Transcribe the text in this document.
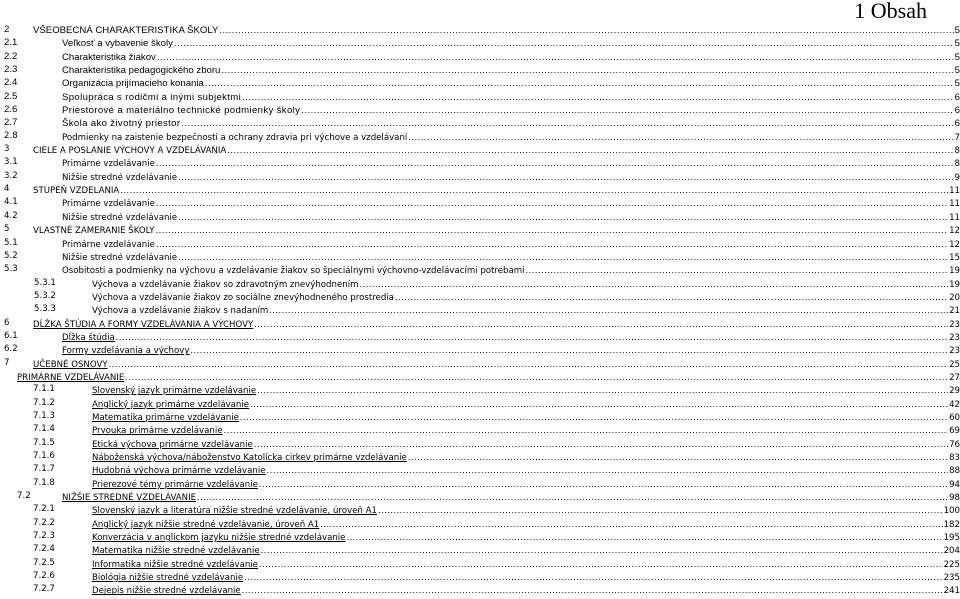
1 Obsah
2 VŠEOBECNÁ CHARAKTERISTIKA ŠKOLY .....	5
2.1	Veľkosť a vybavenie školy .....	5
2.2	Charakteristika žiakov .....	5
2.3	Charakteristika pedagogického zboru .....	5
2.4	Organizácia prijímacieho konania .....	5
2.5	Spolupráca s rodičmi a inými subjektmi .....	6
2.6	Priestorové a materiálno technické podmienky školy .....	6
2.7	Škola ako životný priestor .....	6
2.8	Podmienky na zaistenie bezpečnosti a ochrany zdravia pri výchove a vzdelávaní .....	7
3	CIELE A POSLANIE VÝCHOVY A VZDELÁVANIA .....	8
3.1	Primárne vzdelávanie .....	8
3.2	Nižšie stredné vzdelávanie .....	9
4	STUPEŇ VZDELANIA .....	11
4.1	Primárne vzdelávanie .....	11
4.2	Nižšie stredné vzdelávanie .....	11
5	VLASTNÉ ZAMERANIE ŠKOLY .....	12
5.1	Primárne vzdelávanie .....	12
5.2	Nižšie stredné vzdelávanie .....	15
5.3	Osobitosti a podmienky na výchovu a vzdelávanie žiakov so špeciálnymi výchovno-vzdelávacími potrebami .....	19
5.3.1	Výchova a vzdelávanie žiakov so zdravotným znevýhodnením .....	19
5.3.2	Výchova a vzdelávanie žiakov zo sociálne znevýhodneného prostredia .....	20
5.3.3	Výchova a vzdelávanie žiakov s nadaním .....	21
6	DĹŽKA ŠTÚDIA A FORMY VZDELÁVANIA A VÝCHOVY .....	23
6.1	Dĺžka štúdia .....	23
6.2	Formy vzdelávania a výchovy .....	23
7	UČEBNÉ OSNOVY .....	25
PRIMÁRNE VZDELÁVANIE .....	27
7.1.1	Slovenský jazyk primárne vzdelávanie .....	29
7.1.2	Anglický jazyk primárne vzdelávanie .....	42
7.1.3	Matematika primárne vzdelávanie .....	60
7.1.4	Prvouka primárne vzdelávanie .....	69
7.1.5	Etická výchova primárne vzdelávanie .....	76
7.1.6	Náboženská výchova/náboženstvo Katolícka cirkev primárne vzdelávanie .....	83
7.1.7	Hudobná výchova primárne vzdelávanie .....	88
7.1.8	Prierezové témy primárne vzdelávanie .....	94
7.2	NIŽŠIE STREDNÉ VZDELÁVANIE .....	98
7.2.1	Slovenský jazyk a literatúra nižšie stredné vzdelávanie, úroveň A1 .....	100
7.2.2	Anglický jazyk nižšie stredné vzdelávanie, úroveň A1 .....	182
7.2.3	Konverzácia v anglickom jazyku nižšie stredné vzdelávanie .....	195
7.2.4	Matematika nižšie stredné vzdelávanie .....	204
7.2.5	Informatika nižšie stredné vzdelávanie .....	225
7.2.6	Biológia nižšie stredné vzdelávanie .....	235
7.2.7	Dejepis nižšie stredné vzdelávanie .....	241
